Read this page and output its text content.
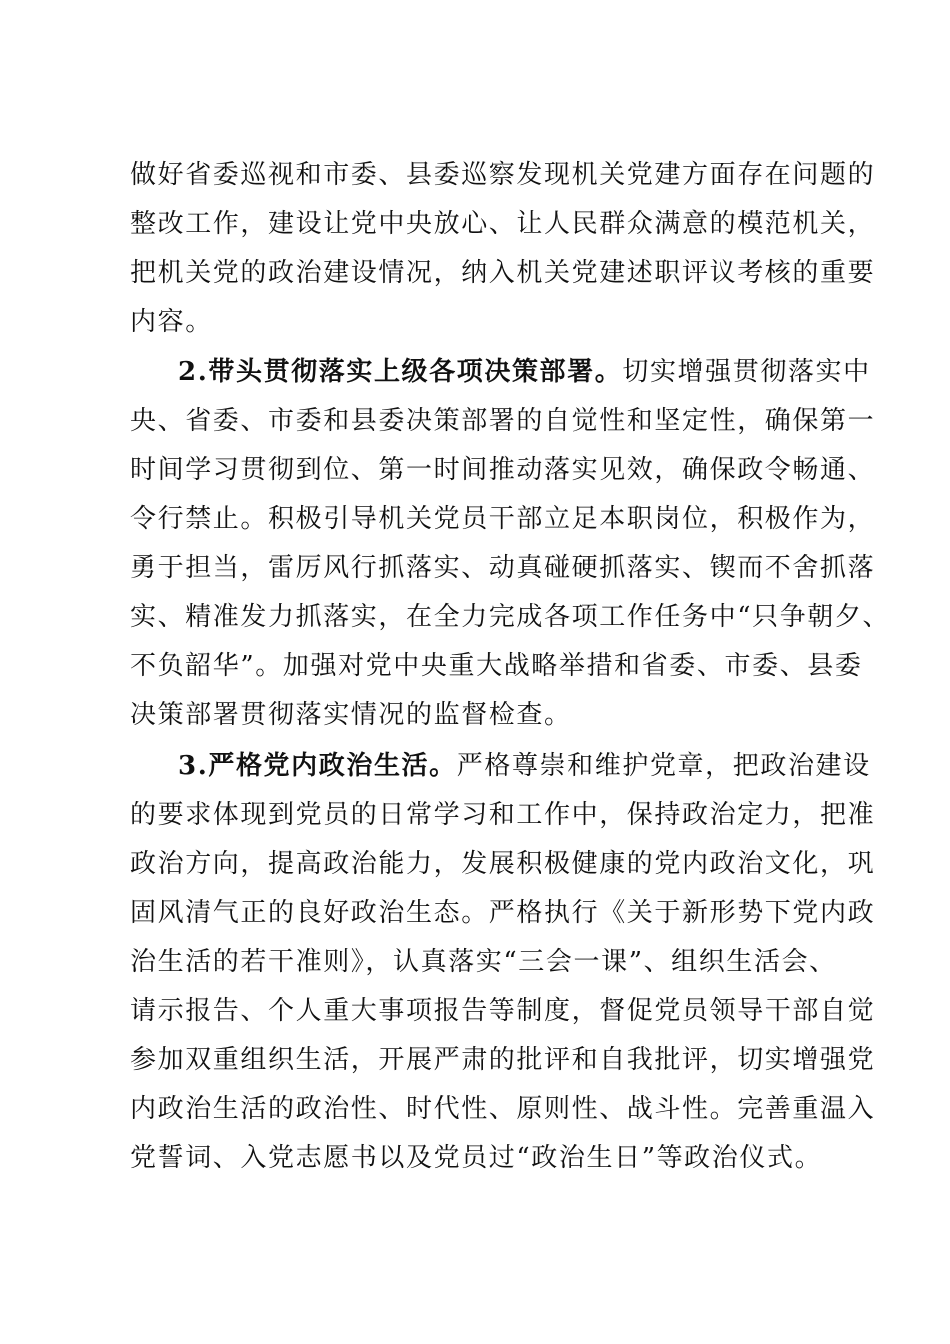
做好省委巡视和市委、县委巡察发现机关党建方面存在问题的
整改工作，建设让党中央放心、让人民群众满意的模范机关，
把机关党的政治建设情况，纳入机关党建述职评议考核的重要
内容。
2.带头贯彻落实上级各项决策部署。切实增强贯彻落实中
央、省委、市委和县委决策部署的自觉性和坚定性，确保第一
时间学习贯彻到位、第一时间推动落实见效，确保政令畅通、
令行禁止。积极引导机关党员干部立足本职岗位，积极作为，
勇于担当，雷厉风行抓落实、动真碰硬抓落实、锲而不舍抓落
实、精准发力抓落实，在全力完成各项工作任务中“只争朝夕、
不负韶华”。加强对党中央重大战略举措和省委、市委、县委
决策部署贯彻落实情况的监督检查。
3.严格党内政治生活。严格尊崇和维护党章，把政治建设
的要求体现到党员的日常学习和工作中，保持政治定力，把准
政治方向，提高政治能力，发展积极健康的党内政治文化，巩
固风清气正的良好政治生态。严格执行《关于新形势下党内政
治生活的若干准则》，认真落实“三会一课”、组织生活会、
请示报告、个人重大事项报告等制度，督促党员领导干部自觉
参加双重组织生活，开展严肃的批评和自我批评，切实增强党
内政治生活的政治性、时代性、原则性、战斗性。完善重温入
党誓词、入党志愿书以及党员过“政治生日”等政治仪式。
